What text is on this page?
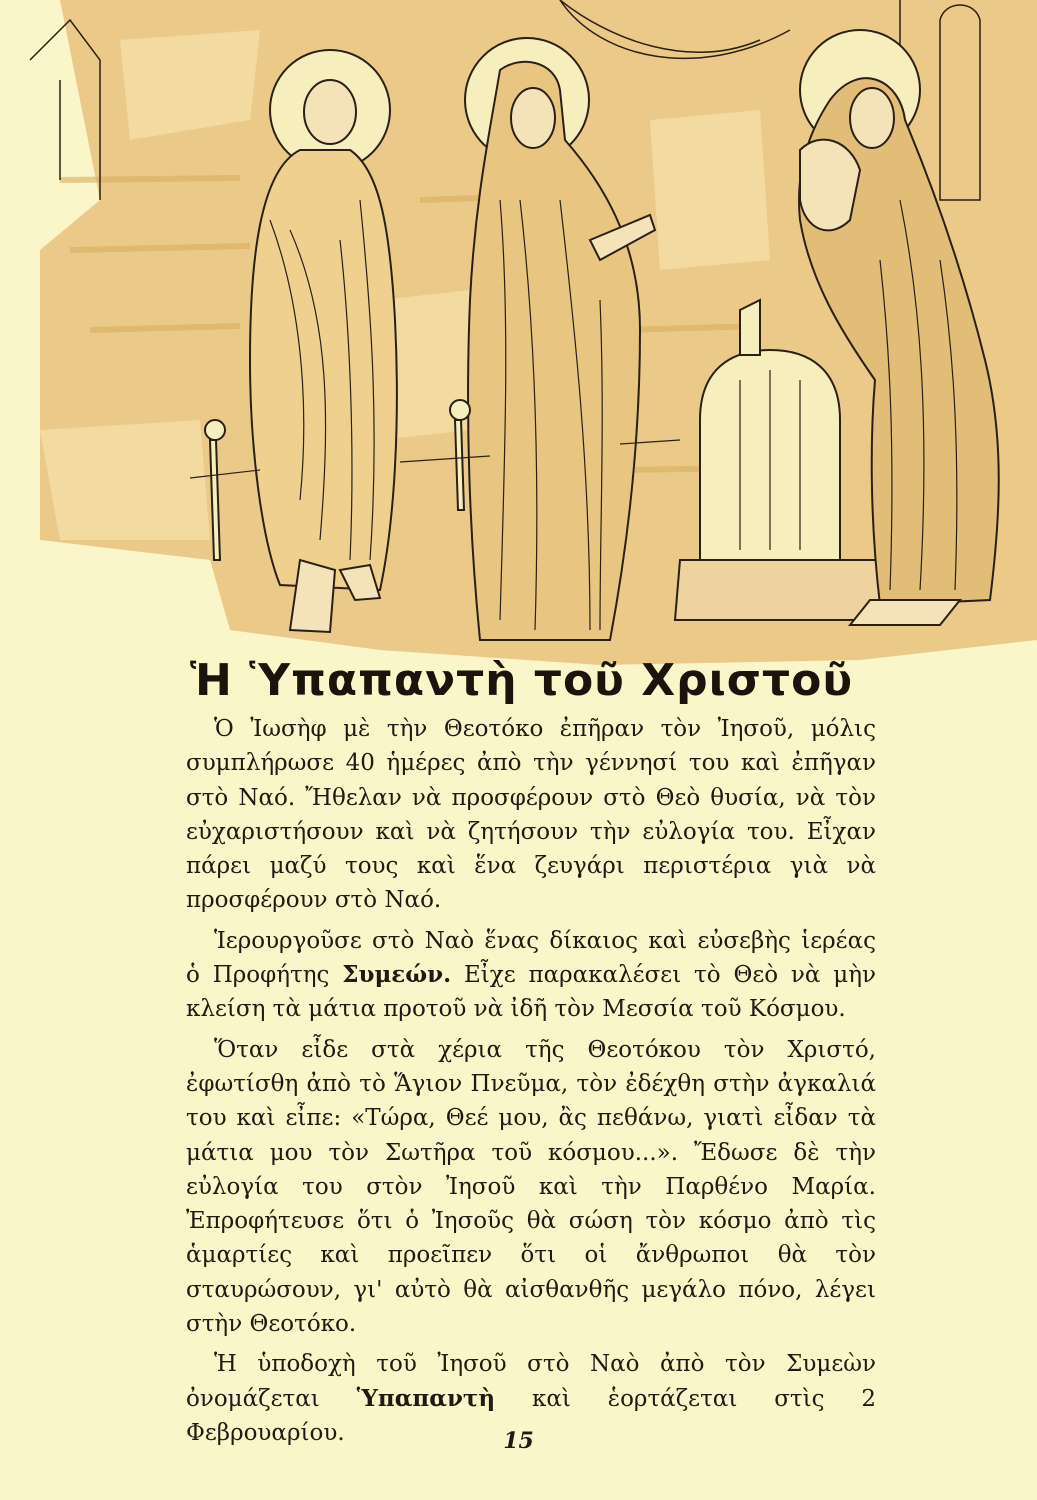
Ἡ Ὑπαπαντὴ τοῦ Χριστοῦ

Ὁ Ἰωσὴφ μὲ τὴν Θεοτόκο ἐπῆραν τὸν Ἰησοῦ, μόλις συμπλήρωσε 40 ἡμέρες ἀπὸ τὴν γέννησί του καὶ ἐπῆγαν στὸ Ναό. Ἤθελαν νὰ προσφέρουν στὸ Θεὸ θυσία, νὰ τὸν εὐχαριστήσουν καὶ νὰ ζητήσουν τὴν εὐλογία του. Εἶχαν πάρει μαζύ τους καὶ ἕνα ζευγάρι περιστέρια γιὰ νὰ προσφέρουν στὸ Ναό.

Ἱερουργοῦσε στὸ Ναὸ ἕνας δίκαιος καὶ εὐσεβὴς ἱερέας ὁ Προφήτης Συμεών. Εἶχε παρακαλέσει τὸ Θεὸ νὰ μὴν κλείση τὰ μάτια προτοῦ νὰ ἰδῆ τὸν Μεσσία τοῦ Κόσμου.

Ὅταν εἶδε στὰ χέρια τῆς Θεοτόκου τὸν Χριστό, ἐφωτίσθη ἀπὸ τὸ Ἅγιον Πνεῦμα, τὸν ἐδέχθη στὴν ἀγκαλιά του καὶ εἶπε: «Τώρα, Θεέ μου, ἂς πεθάνω, γιατὶ εἶδαν τὰ μάτια μου τὸν Σωτῆρα τοῦ κόσμου...». Ἔδωσε δὲ τὴν εὐλογία του στὸν Ἰησοῦ καὶ τὴν Παρθένο Μαρία. Ἐπροφήτευσε ὅτι ὁ Ἰησοῦς θὰ σώση τὸν κόσμο ἀπὸ τὶς ἁμαρτίες καὶ προεῖπεν ὅτι οἱ ἄνθρωποι θὰ τὸν σταυρώσουν, γι' αὐτὸ θὰ αἰσθανθῆς μεγάλο πόνο, λέγει στὴν Θεοτόκο.

Ἡ ὑποδοχὴ τοῦ Ἰησοῦ στὸ Ναὸ ἀπὸ τὸν Συμεὼν ὀνομάζεται Ὑπαπαντὴ καὶ ἑορτάζεται στὶς 2 Φεβρουαρίου.	15
